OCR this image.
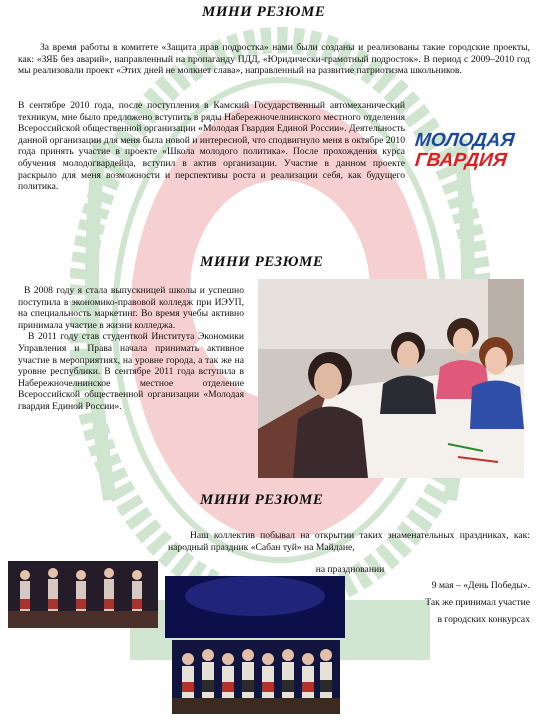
МИНИ РЕЗЮМЕ

За время работы в комитете «Защита прав подростка» нами были созданы и реализованы такие городские проекты, как: «ЗЯБ без аварий», направленный на пропаганду ПДД, «Юридически-грамотный подросток». В период с 2009–2010 год мы реализовали проект «Этих дней не молкнет слава», направленный на развитие патриотизма школьников.

В сентябре 2010 года, после поступления в Камский Государственный автомеханический техникум, мне было предложено вступить в ряды Набережночелнинского местного отделения Всероссийской общественной организации «Молодая Гвардия Единой России». Деятельность данной организации для меня была новой и интересной, что сподвигнуло меня в октябре 2010 года принять участие в проекте «Школа молодого политика». После прохождения курса обучения молодогвардейца, вступил в актив организации. Участие в данном проекте раскрыло для меня возможности и перспективы роста и реализации себя, как будущего политика.

МОЛОДАЯ
ГВАРДИЯ
МИНИ РЕЗЮМЕ

В 2008 году я стала выпускницей школы и успешно поступила в экономико-правовой колледж при ИЭУП, на специальность маркетинг. Во время учебы активно принимала участие в жизни колледжа.

В 2011 году став студенткой Института Экономики Управления и Права начала принимать активное участие в мероприятиях, на уровне города, а так же на уровне республики. В сентябре 2011 года вступила в Набережночелнинское местное отделение Всероссийской общественной организации «Молодая гвардия Единой России».

МИНИ РЕЗЮМЕ

Наш коллектив побывал на открытии таких знаменательных праздниках, как: народный праздник «Сабан туй» на Майдане,

на праздновании
9 мая – «День Победы».
Так же принимал участие
в городских конкурсах
